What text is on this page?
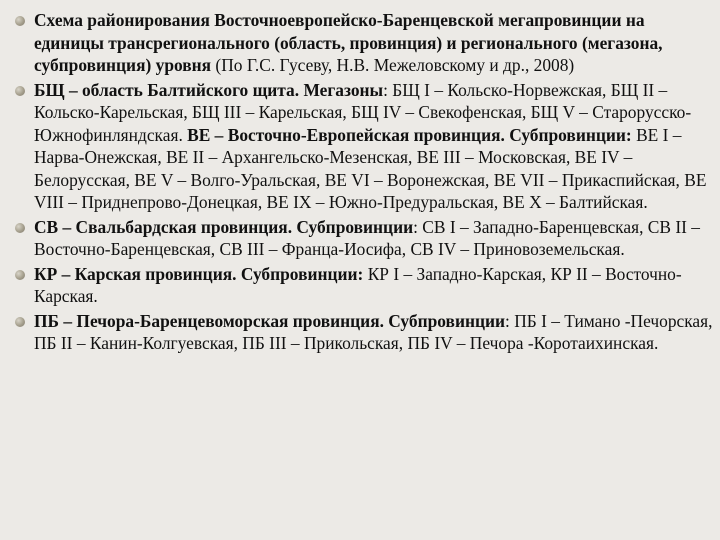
Схема районирования Восточноевропейско-Баренцевской мегапровинции на единицы трансрегионального (область, провинция) и регионального (мегазона, субпровинция) уровня (По Г.С. Гусеву, Н.В. Межеловскому и др., 2008)
БЩ – область Балтийского щита. Мегазоны: БЩ I – Кольско-Норвежская, БЩ II – Кольско-Карельская, БЩ III – Карельская, БЩ IV – Свекофенская, БЩ V – Старорусско-Южнофинляндская. ВЕ – Восточно-Европейская провинция. Субпровинции: ВЕ I – Нарва-Онежская, ВЕ II – Архангельско-Мезенская, ВЕ III – Московская, ВЕ IV – Белорусская, ВЕ V – Волго-Уральская, ВЕ VI – Воронежская, ВЕ VII – Прикаспийская, ВЕ VIII – Приднепрово-Донецкая, ВЕ IX – Южно-Предуральская, ВЕ X – Балтийская.
СВ – Свальбардская провинция. Субпровинции: СВ I – Западно-Баренцевская, СВ II – Восточно-Баренцевская, СВ III – Франца-Иосифа, СВ IV – Приновоземельская.
КР – Карская провинция. Субпровинции: КР I – Западно-Карская, КР II – Восточно-Карская.
ПБ – Печора-Баренцевоморская провинция. Субпровинции: ПБ I – Тимано -Печорская, ПБ II – Канин-Колгуевская, ПБ III – Прикольская, ПБ IV – Печора -Коротаихинская.
